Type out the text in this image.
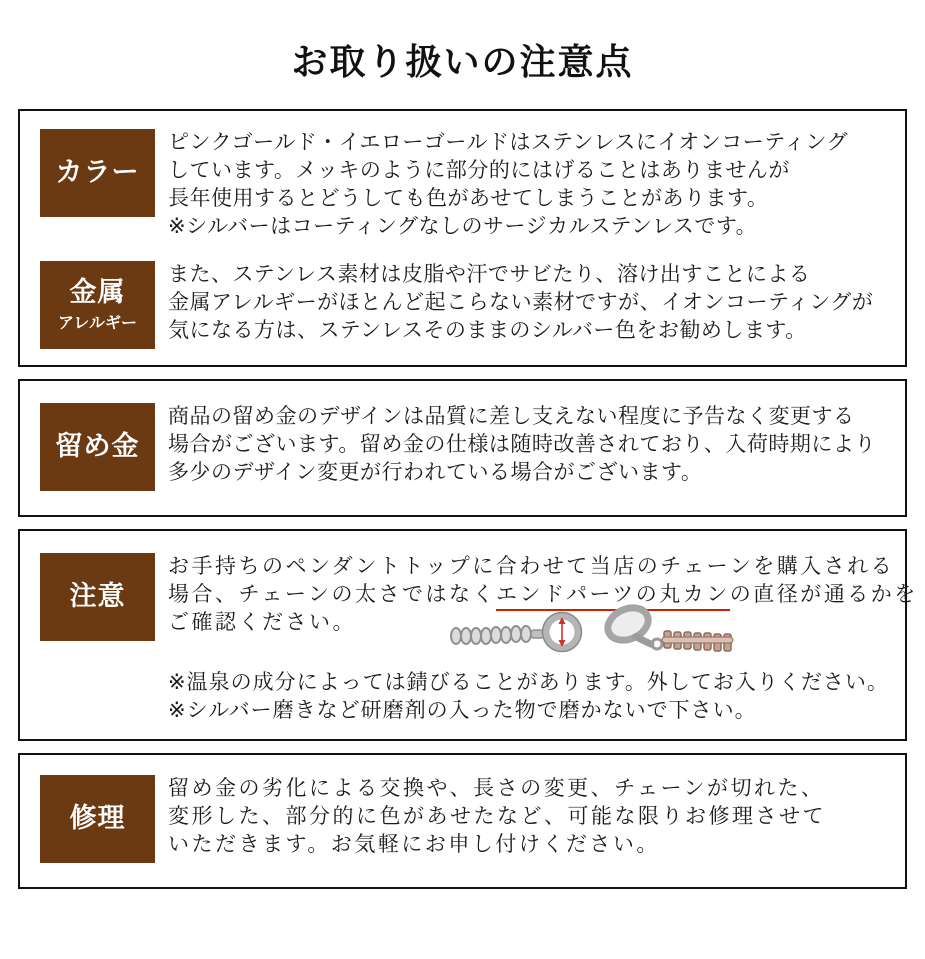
お取り扱いの注意点
カラー
ピンクゴールド・イエローゴールドはステンレスにイオンコーティング
しています。メッキのように部分的にはげることはありませんが
長年使用するとどうしても色があせてしまうことがあります。
※シルバーはコーティングなしのサージカルステンレスです。
金属
アレルギー
また、ステンレス素材は皮脂や汗でサビたり、溶け出すことによる
金属アレルギーがほとんど起こらない素材ですが、イオンコーティングが
気になる方は、ステンレスそのままのシルバー色をお勧めします。
留め金
商品の留め金のデザインは品質に差し支えない程度に予告なく変更する
場合がございます。留め金の仕様は随時改善されており、入荷時期により
多少のデザイン変更が行われている場合がございます。
注意
お手持ちのペンダントトップに合わせて当店のチェーンを購入される
場合、チェーンの太さではなくエンドパーツの丸カンの直径が通るかを
ご確認ください。
※温泉の成分によっては錆びることがあります。外してお入りください。
※シルバー磨きなど研磨剤の入った物で磨かないで下さい。
修理
留め金の劣化による交換や、長さの変更、チェーンが切れた、
変形した、部分的に色があせたなど、可能な限りお修理させて
いただきます。お気軽にお申し付けください。
